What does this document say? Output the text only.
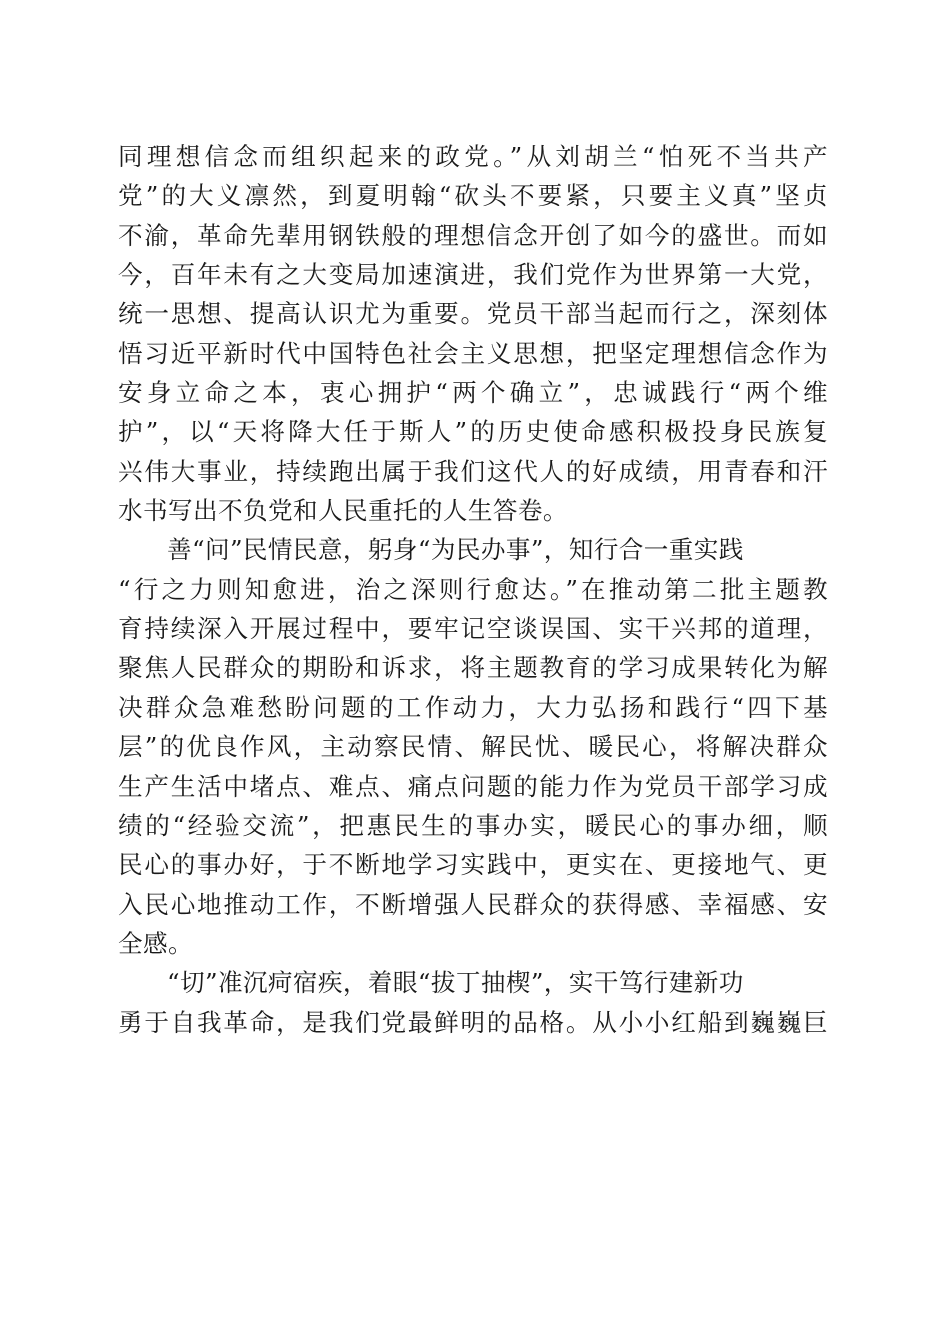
同理想信念而组织起来的政党。”从刘胡兰“怕死不当共产
党”的大义凛然，到夏明翰“砍头不要紧，只要主义真”坚贞
不渝，革命先辈用钢铁般的理想信念开创了如今的盛世。而如
今，百年未有之大变局加速演进，我们党作为世界第一大党，
统一思想、提高认识尤为重要。党员干部当起而行之，深刻体
悟习近平新时代中国特色社会主义思想，把坚定理想信念作为
安身立命之本，衷心拥护“两个确立”，忠诚践行“两个维
护”，以“天将降大任于斯人”的历史使命感积极投身民族复
兴伟大事业，持续跑出属于我们这代人的好成绩，用青春和汗
水书写出不负党和人民重托的人生答卷。
善“问”民情民意，躬身“为民办事”，知行合一重实践
“行之力则知愈进，治之深则行愈达。”在推动第二批主题教
育持续深入开展过程中，要牢记空谈误国、实干兴邦的道理，
聚焦人民群众的期盼和诉求，将主题教育的学习成果转化为解
决群众急难愁盼问题的工作动力，大力弘扬和践行“四下基
层”的优良作风，主动察民情、解民忧、暖民心，将解决群众
生产生活中堵点、难点、痛点问题的能力作为党员干部学习成
绩的“经验交流”，把惠民生的事办实，暖民心的事办细，顺
民心的事办好，于不断地学习实践中，更实在、更接地气、更
入民心地推动工作，不断增强人民群众的获得感、幸福感、安
全感。
“切”准沉疴宿疾，着眼“拔丁抽楔”，实干笃行建新功
勇于自我革命，是我们党最鲜明的品格。从小小红船到巍巍巨
